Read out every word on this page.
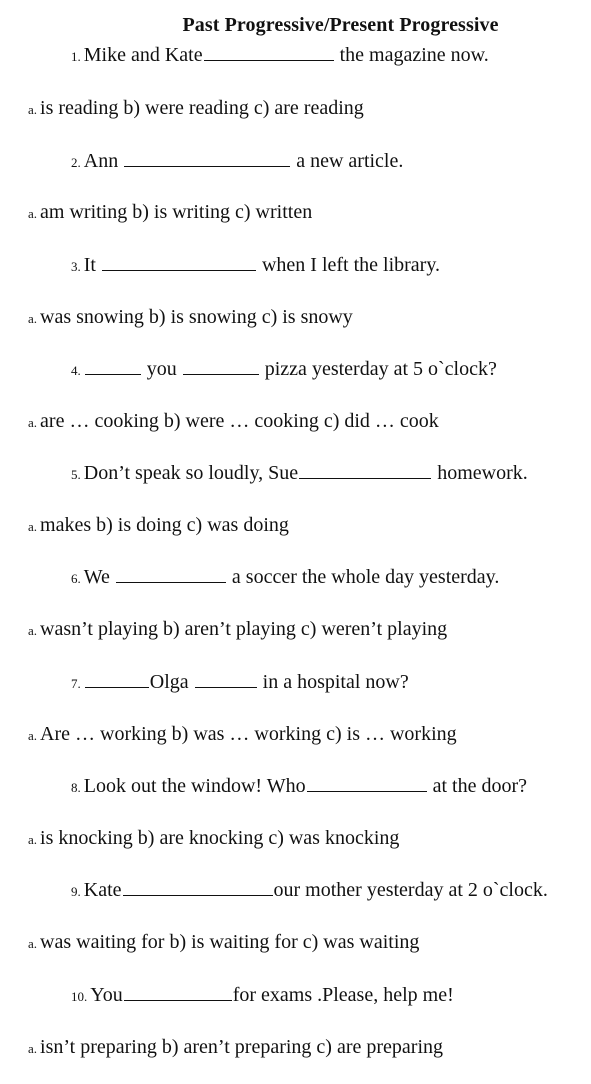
Past Progressive/Present Progressive
1. Mike and Kate	the magazine now.
a. is reading b) were reading c) are reading
2. Ann	a new article.
a. am writing b) is writing c) written
3. It	when I left the library.
a. was snowing b) is snowing c) is snowy
4.	you	pizza yesterday at 5 o`clock?
a. are … cooking b) were … cooking c) did … cook
5. Don’t speak so loudly, Sue	homework.
a. makes b) is doing c) was doing
6. We	a soccer the whole day yesterday.
a. wasn’t playing b) aren’t playing c) weren’t playing
7.	Olga	in a hospital now?
a. Are … working b) was … working c) is … working
8. Look out the window! Who	at the door?
a. is knocking b) are knocking c) was knocking
9. Kate	our mother yesterday at 2 o`clock.
a. was waiting for b) is waiting for c) was waiting
10. You	for exams .Please, help me!
a. isn’t preparing b) aren’t preparing c) are preparing
